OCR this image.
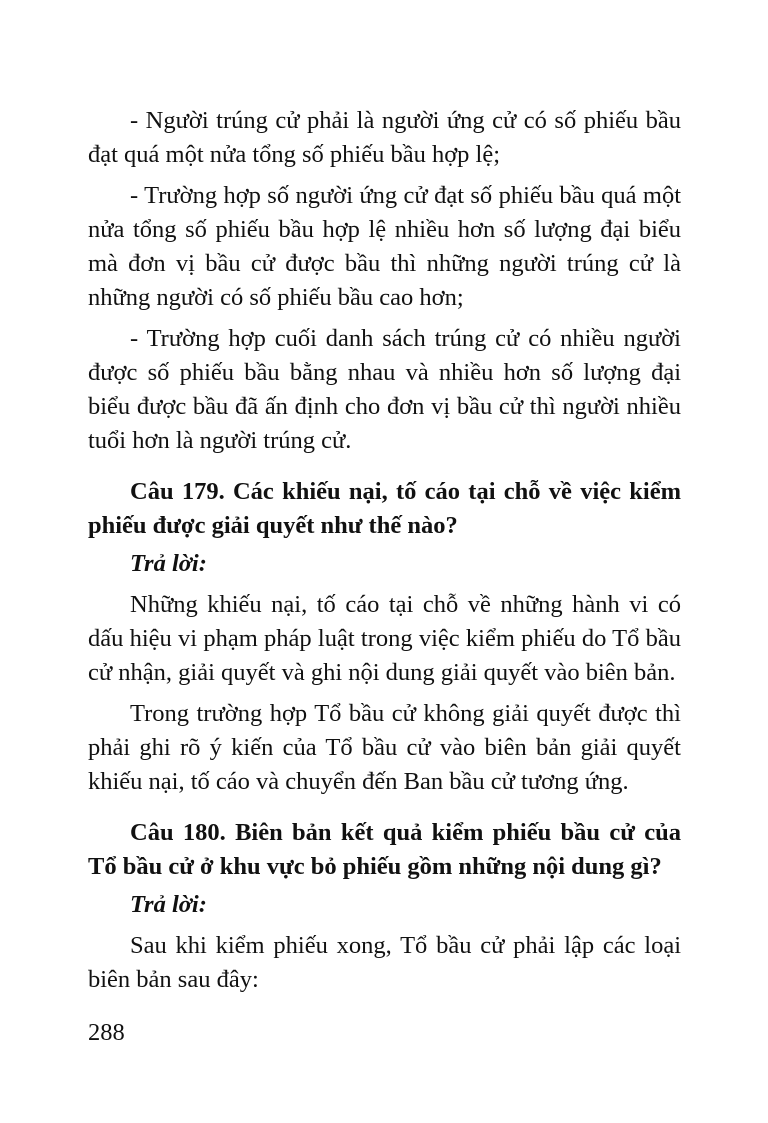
- Người trúng cử phải là người ứng cử có số phiếu bầu đạt quá một nửa tổng số phiếu bầu hợp lệ;

- Trường hợp số người ứng cử đạt số phiếu bầu quá một nửa tổng số phiếu bầu hợp lệ nhiều hơn số lượng đại biểu mà đơn vị bầu cử được bầu thì những người trúng cử là những người có số phiếu bầu cao hơn;

- Trường hợp cuối danh sách trúng cử có nhiều người được số phiếu bầu bằng nhau và nhiều hơn số lượng đại biểu được bầu đã ấn định cho đơn vị bầu cử thì người nhiều tuổi hơn là người trúng cử.

Câu 179. Các khiếu nại, tố cáo tại chỗ về việc kiểm phiếu được giải quyết như thế nào?

Trả lời:

Những khiếu nại, tố cáo tại chỗ về những hành vi có dấu hiệu vi phạm pháp luật trong việc kiểm phiếu do Tổ bầu cử nhận, giải quyết và ghi nội dung giải quyết vào biên bản.

Trong trường hợp Tổ bầu cử không giải quyết được thì phải ghi rõ ý kiến của Tổ bầu cử vào biên bản giải quyết khiếu nại, tố cáo và chuyển đến Ban bầu cử tương ứng.

Câu 180. Biên bản kết quả kiểm phiếu bầu cử của Tổ bầu cử ở khu vực bỏ phiếu gồm những nội dung gì?

Trả lời:

Sau khi kiểm phiếu xong, Tổ bầu cử phải lập các loại biên bản sau đây:

288
